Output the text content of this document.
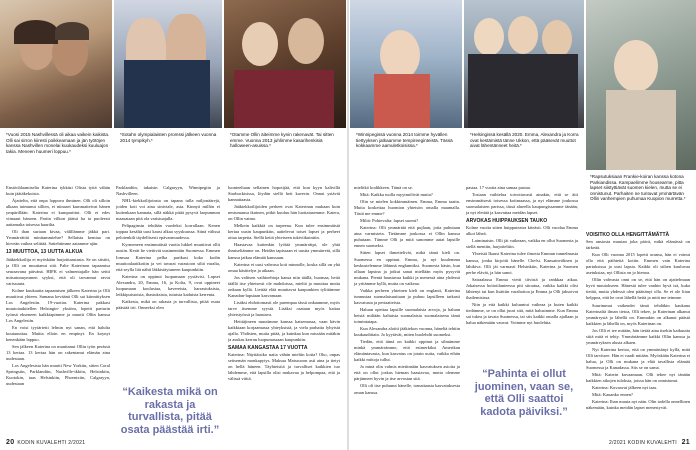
*Vuosi 2015 Nashvillessä oli aikaa vaikein kaikista. Olli sai sirron kiiresti poikkeamaan ja jän työtöjen kanssa Nashvillen monelai kuukaudeksi kuuluajon takia. Meneen huumeri loppuu.*
*Sotahn olympialaisten promssi jälkeen vuonna 2014 tympikyh.*
*Otamme Ollin äiteimme kynin rakenavät. Tai sitten emme. Vuonna 2013 juhlimme kasarihenkisiä halloween-asuissa.*
*Winnipegissä vuonna 2014 toimme hyvällen tiettyyksen jatkaamme tempireeginteistä. Tässä kokkaamme aamuletkoisissa.*
*Helsingissä kesällä 2020. Emma, Alexandra ja Korra ovat kestämistä tänne Ukkon, että pääsevät muuttot aivat lähentänneet heitä.*
*Rapsutuksiaan Frankie-koiran kanssa kotona Parkiandissa. Kampaelimme housearme, pitta lapset siistyttiävät suomen kielen, mutta se ei onnistunut. Parhaiten ne tuntuvat ymmärtävän Ollin vanhempien puhumaa Kuopion murretta.*

Ensiöohlaamiselta Katerina tykkäsi Olista tyttä vähän kuin jäätäkekoista.

Äjattelin, että onpa loppuva ihminen. Olli oli silloin alkaan tutmunut sillien, ei niinaset kummatteivat hänen ympärillään. Katerina ei kumparittut. Olli ei edes viinaaut hänoen. Partin vilkon jäätsä ha ta puoleesti aattamalta toisessa baarilta.

Oli ihan suriaan kivaa, välillämme jäkkä pari. Ymmärrättäi minitammiehre? Sellaista kemiaa on hirveän vaikea selittää. Sattehtimme aatamme ajän.

13 MUUTTOA, 13 UUTTA ALKUA

Jääkiekkoilija ei myöskään harjoittaastasta. Se on siistitt, ja Olli on muuttanut sitä. Palte Katerinon tapaamisa seuraavana päivänä. HIFK ei valmentajalle hän seitti mitsutunuymmen syyksi, että oli tarvannut ravut varissuuta.

Kolme kuukautta tapaamisen jälkeen Katerina ja Olli muuttivat yhteen. Samana keväänä Olli sai kiinnittyksen Los Angelesiin. 19-vuotias Katerina pakkasi muutoiaukitellen Helsingin- yksiöm, lopetti parturin työnsä ekseneen kaikkiapimme ja muutti Ollin kanssa Los Angelesiin.

En voisi tyytärtetti lelmin nyt sanan, että halulta kuutauuttaa. Mattia elloin en empinyt. En koynyt kenenkään lappuo.

Sen jälkeen Katerina on muuttanut Ollin työn perässä 13 kertaa. 13 kertaa hän on rakentanut elämän aina uudestaan.

Los Angelesista hän muutti New Yorkiin, sitten Coral Springsiin, Parklandiin, Nashville-ikkiin, Helsinkiin, Kuotokin, taas Helsinkiin, Phoenixiin, Calgaryyn, uudestaan

Parklandiin, takaisin Calgaryyn, Winnipegiin ja Nashvilleen.

NHL-kiekkoilijoinsta on tapana tulla miljonäärejä, joiden koti voi aina siniviale, asta. Kinnyä millön ei kuitenkaan kannata, sillä näkkä pitää pysyvä laopunnum maasataan pitä ola varistuajalla.

Pelipaginsin tehdään vuodeksi korrallaan. Kenen toppaa kesältä uusi kausi alkaa syyskuussa. Siinä välissä pelotenkilt täydellisesti epävarmuudessa.

Kyrmeneen ensimmäistä vuotta lukkel muuttivat ollit uusiin. Kerät he viettivät uusimentäin Suomessa. Emmen Iomsaa Katerina pelka parikasi koko kodin muuttoalaatikotiin ja vei tavarat varastoon siltä varalta, että seylla liät nähti läkkistäytuneen kaupunkiiin.

Katerina on oppinut luopumaan yystävisi. Lapset Alexandra, 20, Emma, 16, ja Kolia, 9, ovat oppineet luopumaan koulustaa, kavereista, harrastuksista, leikkipuistoista, ihastuksista, tutuista kaduista kerrenta.

Kaikesta, mikä on rakasta ja turvallista, pitää osata päästää irti. Onneeksi olen

“Kaikesta mikä on rakasta ja turvallista, pitää osata päästää irti.”

luonteeltaan sellainen hopotijää, että kun kyyn kaltvillä Starbuckisissa, löydän siellä heti kaverin. Onnat ystävät kannattaasta.

Jääkiekkoilijoiden perheet ovat Katerinan mukaan kuin nestumansa ikuinen, pitkit kuuluu hän luottaiasemme. Katera, on Ollin vaimo.

Melkein kaikkiä on tarpeena. Kun tulee ensimmäistä kertaa uusin kaupunkiin, aattelevat toiset lapset ja perheet ottaa tarpeita. Siellä kettä yhteiseen tukiviikuintiin.

Haastavaa kuitenkin lyötää ymmärrätpi, ole yhtä ihmiseltämme on. Heidän tapissaan ei uustia ymmärretä, sillä kanssa jatkaa elämää kanssaan.

Katerina ei uusi vahvasa koit minnolle, koska sillä on yhä omaa käsittelyn ja aikaan.

Jos valitsen vaihtoehtoja kansa niin täällä, huomaa, heitä täällä itse yhteisesti ole mahdoissa, mieltä ja muuttaa mutta onkaan kyllä. Liettää elää muuttavat kaupunkien tyliitämme Kanadan-lapsiaan kasvamaan.

Lisäksi ehdottomasti ole parempaa tässä onkaamme, myös tarve itsemme syystä. Lisäksi osataan myös kattaa yhteistyössä ja haastava.

Heittäjineen muutimme kanssa katsemassa, vaan kävin kaikkiaan korjaamassa yhteyksistä, ja viela parhaita lyhyistä ajalla. Yhdisten, mutta pitää, ja kuinkaa kun missään mitäkin ja asukas kerran luopumassaan kaupunkiin.

SAMAA KANGASTAA 17 VUOTTA

Katerina: Näyttäisiko naiia vähän mieliin kotia? Oho, onpas seitsemän monkapytys. Maksaa Matssuoon asti aina ja tietyt on hellä häneen. Täyhteisitä ja turvalliset kaikkien tuo lähdemme, että lapsilla olisi mukavaa ja helpompaa, että ja välissä viiitä.

mielitkö kodikkeen. Tämä on se.

Mitä: Kaikka tuolla myytmölivät mutta?

Olin se mielen kokkimmäinen. Emma, Emma taatin. Mutta koskettaa huomion yhteisön omalla maamalla. Tästä me emme?

Miltä: Pohtevalta: lapset suomi?

Katerina: Olli ymmärtää että pujlaan, jotta puhutaan aina varmisteta. Tietämme joukossa ei Ollin kanssa puhutaan. Tämme Olli ja mitä sanomme aaiat lapsille ennen suomeksi.

Sitten lapset ihmettelivät, mikä tämä kieli on. Suomessa en oppinut. Emma, ja nyt kuulemma keskustelemme lähinnä englanniksi. Suomesta käsin, kun ollaan lapsina ja jotkut sanat miellään myös pysyvät mukana. Pientä haastavaa kaikki ja menessä aina yhdessä ja yritämme kyllä, mutta on vaikeaa.

Vaikka perheen yhteinen kieli on englanti, Katerina tunnustaa suomalaisuuttaan ja puhuu lapsilleen tarkasti kasvatusta ja periaatteista.

Haluan opettaa lapsille suomalaisia arvoja, ja haluan heistä miltään kaltaisia suomalaisia suomalaisena tämä toimintatapa.

Kun Alexandra aloitti jääkiekon vuonna, häneltä tehtiin kuukaudittain. Jo kyytävät, miten huolehdit suomeksi.

Tiedän, että tämä on kaikki oppinut ja silmämme minkä ymmärrämme, että esimerkiksi Amerikan elämäntavasta, kun kasvatus on jotain uutta, vaikka eihän kaikki mittoja tullut.

Ja minä olin valmis miettimään kasvatuksen asioita ja että on ollut joskus hieman haastavaa, mutta olemme pärjänneet hyvin ja itse arvostan sitä.

Olli oli itse puhunut hänelle, tomattaasta kasvatuksesta oman kanssa.

pastaa. 17 vuotta aina samaa pastaa.

Tosiaan vaihtelua toivottavasti ainakin, että se äiti ensimmäisesti toisessa kotimaassa, ja nyt elämme joukossa suomalaisten parissa, tässä alueella kaupungissamme tänään, ja nyt elettää ja kasvattaa meidän lapset.

ARVOKAS HUIPPAUKSEN TAUKO

Kolme vuotta sitten huipputeatra kiteästi. Olli vuodaa Emma alkoi läheä.

Laiminaisin. Olli jäi vaikeaan, vaikka en ollut Suomesta ja siellä mentiin, harjoiteltiin.

Yhteisiä Ikausi Katerina tulee ilmotta Emman tunnelmasta kanssa, jonka kirjoitti hänelle. Chefsi. Kansainvälinen ja lähikiva. Olli jäi varmasti Helsinkiin, Katerina ja Suomen perhe elävät, ja hän sanoi.

Sairaalassa Emma vietti tiivistä ja rankkaa aikaa. Jokaisessa hoitotilanteessa piti sitoutua, vaikka kaikki olisi lähtenyt tai kun lisättiin varahoitoa ja Emma ja Olli jaksoivat ihailemisissa.

Niin ja että kaikki kuluuntui vaikeaa ja kuten kaikki tiedämme, se on ollut juuri sitä, mitä halusimme. Kun Emma sai tukea ja tavata Suomessa, tai siis kaikki omalla ajallaan ja halua näkemään vauvat. Voimme nyt huolehtia.

“Pahinta ei ollut juominen, vaan se, että Olli saattoi kadota päiviksi.”
VOISITKO OLLA HENGITTÄMÄTTÄ

Sen ansiosta muutan joka päivä, mikä elämässä on tärkeää.

Kun Olli vuonna 2015 lopetti uransa, hän ei voinut olla että päihteitä kotiin. Emmen vain Katerina partuksissa ja uusi lapsia. Kaikki oli siihen kuuluvaa asetuksiaa, nyt Ollista on jo hienoa.

Ollin vahvasta onni on se, että hän on ajattelmaan hyvä muutokseen. Hänestä tulee vanhin hyvä isä, kuka tietää, mutta yhdessä olen päättänyt olla. Se ei ole liian helppoa, että he ovat lähellä heitä ja mitä me teimme.

Suurimmat vaikeudet tämä tehdäkin kaukana Katerinaltä ilman tietoa, Olli tekee, ja Katerinan alkanut ymmärrystä ja lähellä on. Emmakin on alkanut päästä kaikkien ja lähellä on, myös Katerinan on.

Jos Olli ei tee mitään, hän tietää aina itsekin kaikuutta siitä mitä ei tehty. Ymmärtämme kaikki Ollin kanssa ja ymmärryksen alusta alkaen.

Nyt Katerina kertoo, että on ymmärtänyt kyllä, mitä Olli tarvitsee. Hän ei vaadi mitään. Myöskään Katerina ei halua, ja Olli on mukana ja elää tavallista elämää Suomessa ja Kanadassa. Siis se on sama.

Mitä: Katerin kuvaamaan. Olli tekee nyt tänään kaikkien aikojen tuloksia, joissa hän on onnistunut.

Katerina: Kuvaavat jälkeen nyt taas.

Mitä: Kauanko ennen?

Katerina: Ihan muuta nyt näin. Olin todella onnellinen näkemään, kuinka meidän lapset menestyvät.

20 KODIN KUVALEHTI 2/2021	2/2021 KODIN KUVALEHTI 21
